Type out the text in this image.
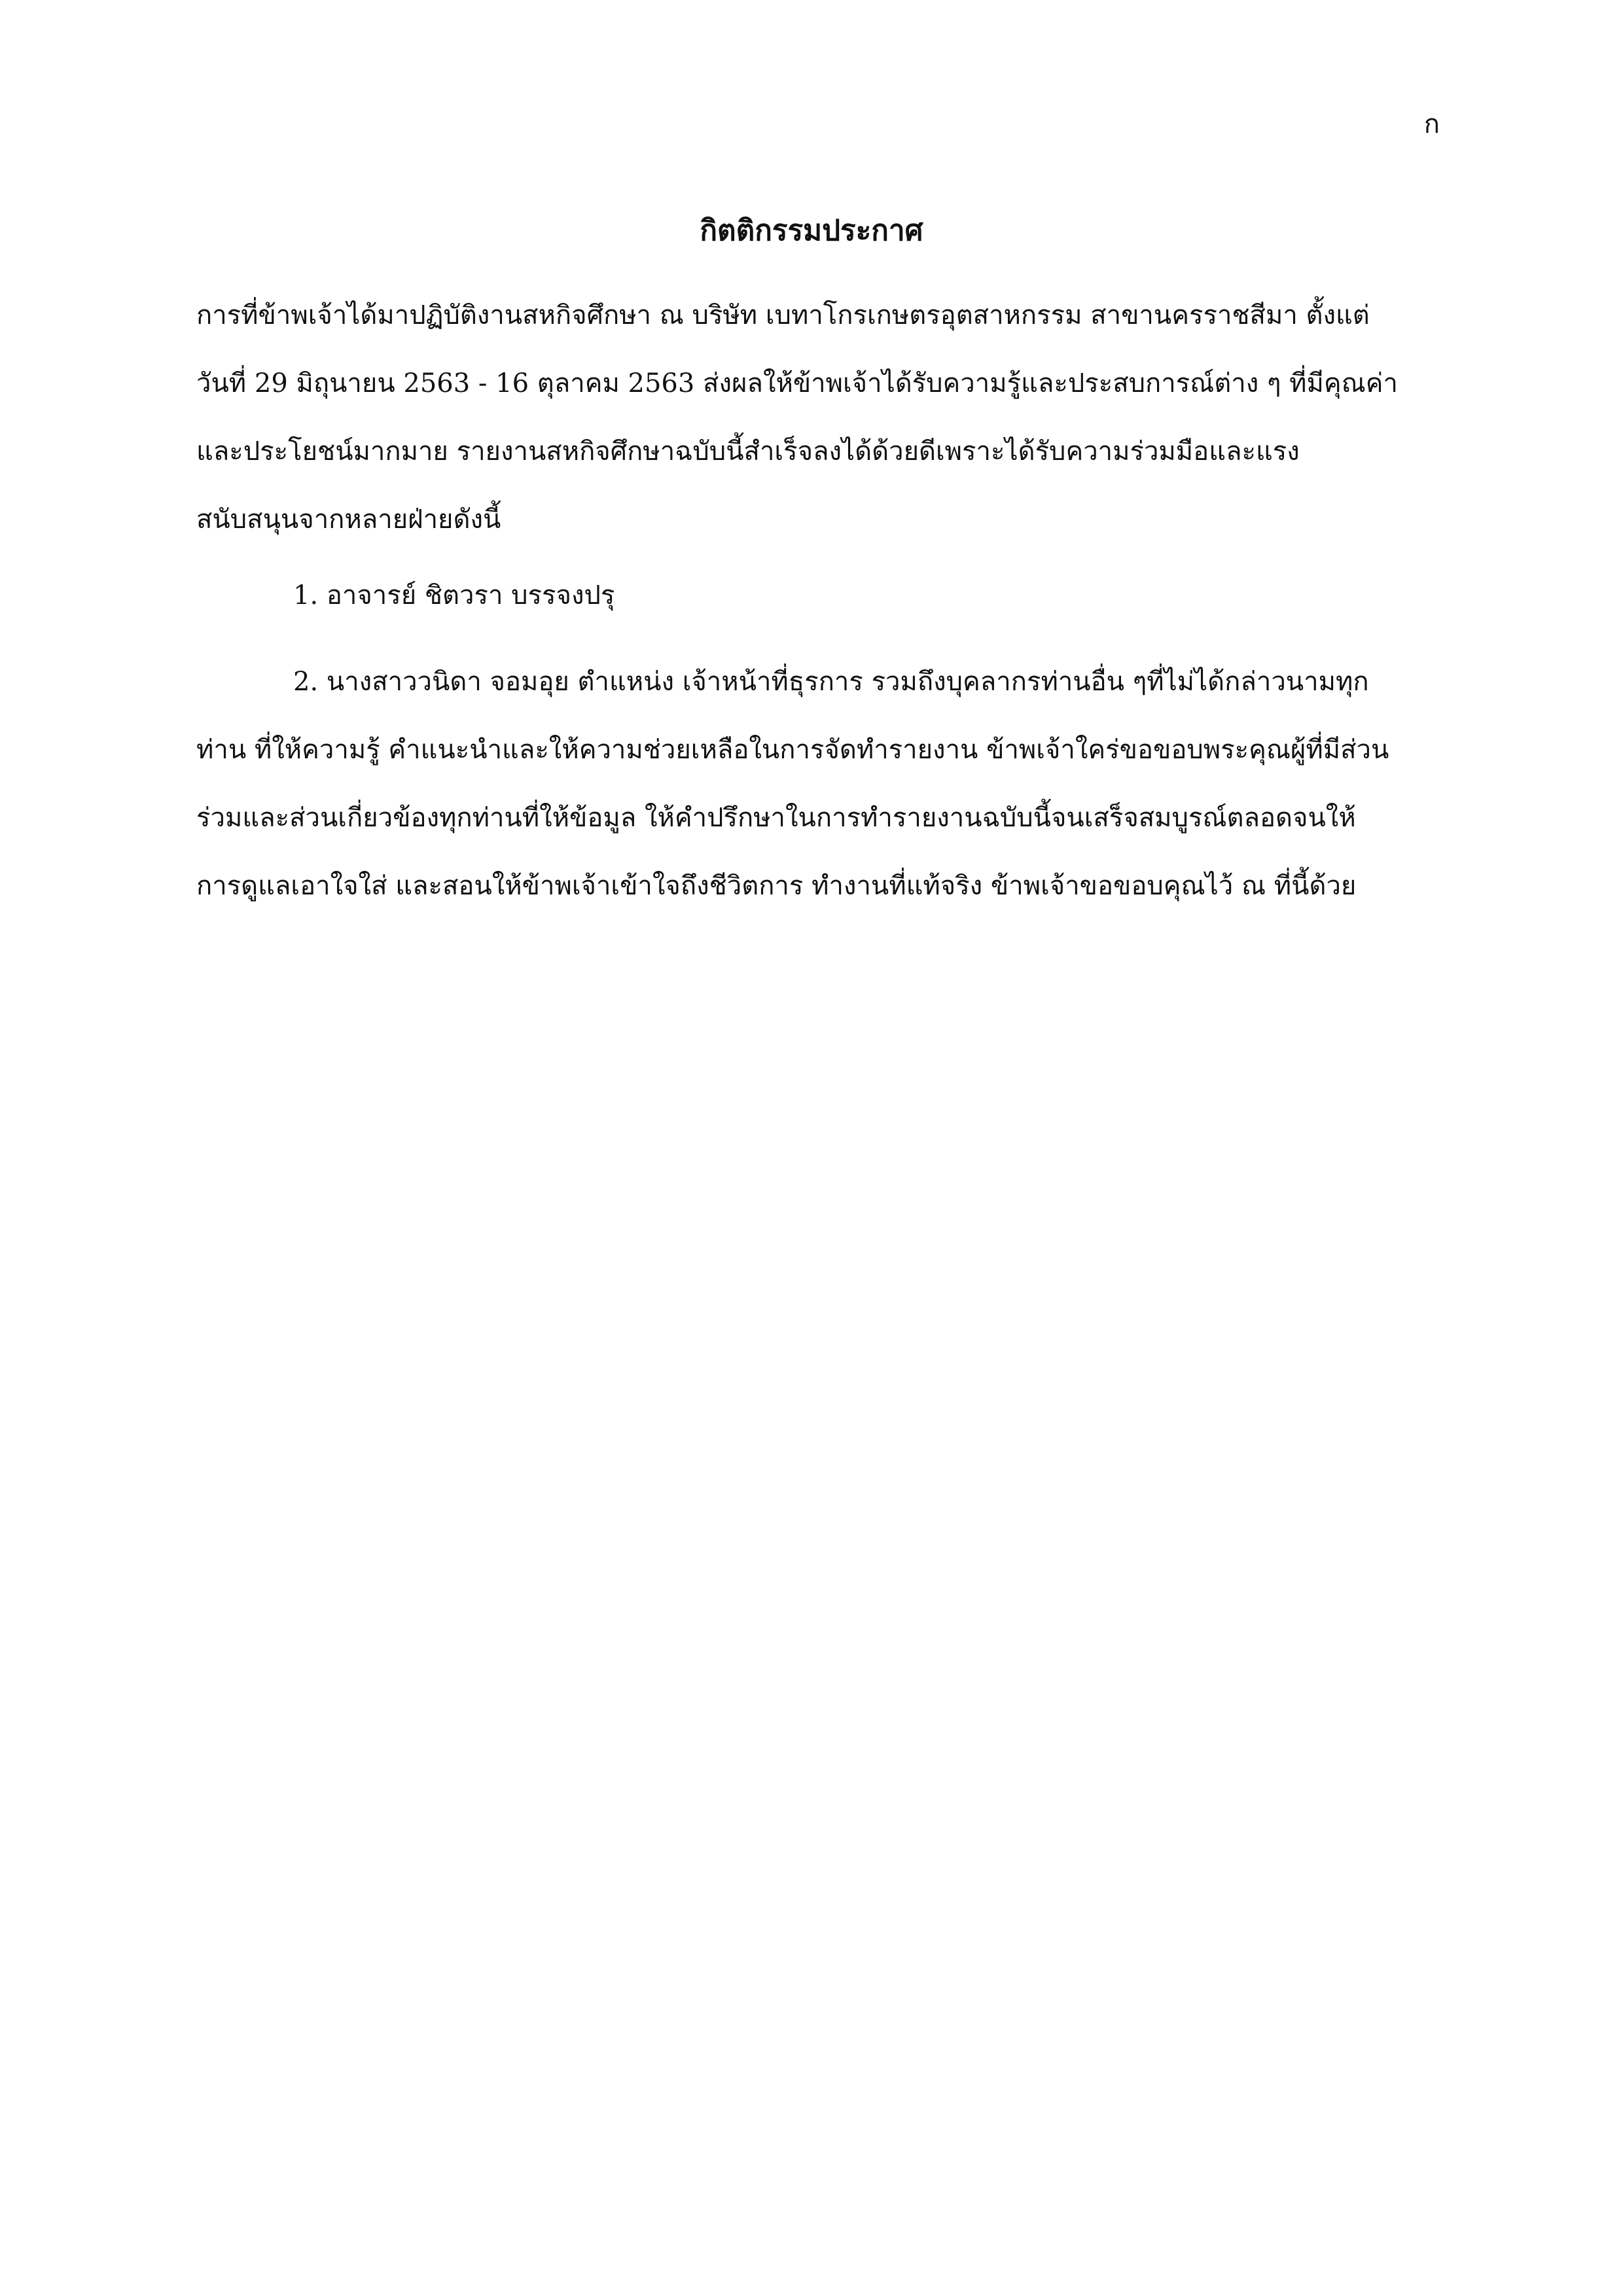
ก
กิตติกรรมประกาศ
การที่ข้าพเจ้าได้มาปฏิบัติงานสหกิจศึกษา ณ บริษัท เบทาโกรเกษตรอุตสาหกรรม สาขานครราชสีมา ตั้งแต่
วันที่ 29 มิถุนายน 2563 - 16 ตุลาคม 2563 ส่งผลให้ข้าพเจ้าได้รับความรู้และประสบการณ์ต่าง ๆ ที่มีคุณค่า
และประโยชน์มากมาย รายงานสหกิจศึกษาฉบับนี้สำเร็จลงได้ด้วยดีเพราะได้รับความร่วมมือและแรง
สนับสนุนจากหลายฝ่ายดังนี้
1. อาจารย์ ชิตวรา บรรจงปรุ
2. นางสาววนิดา จอมอุย ตำแหน่ง เจ้าหน้าที่ธุรการ รวมถึงบุคลากรท่านอื่น ๆที่ไม่ได้กล่าวนามทุก
ท่าน ที่ให้ความรู้ คำแนะนำและให้ความช่วยเหลือในการจัดทำรายงาน ข้าพเจ้าใคร่ขอขอบพระคุณผู้ที่มีส่วน
ร่วมและส่วนเกี่ยวข้องทุกท่านที่ให้ข้อมูล ให้คำปรึกษาในการทำรายงานฉบับนี้จนเสร็จสมบูรณ์ตลอดจนให้
การดูแลเอาใจใส่ และสอนให้ข้าพเจ้าเข้าใจถึงชีวิตการ ทำงานที่แท้จริง ข้าพเจ้าขอขอบคุณไว้ ณ ที่นี้ด้วย
